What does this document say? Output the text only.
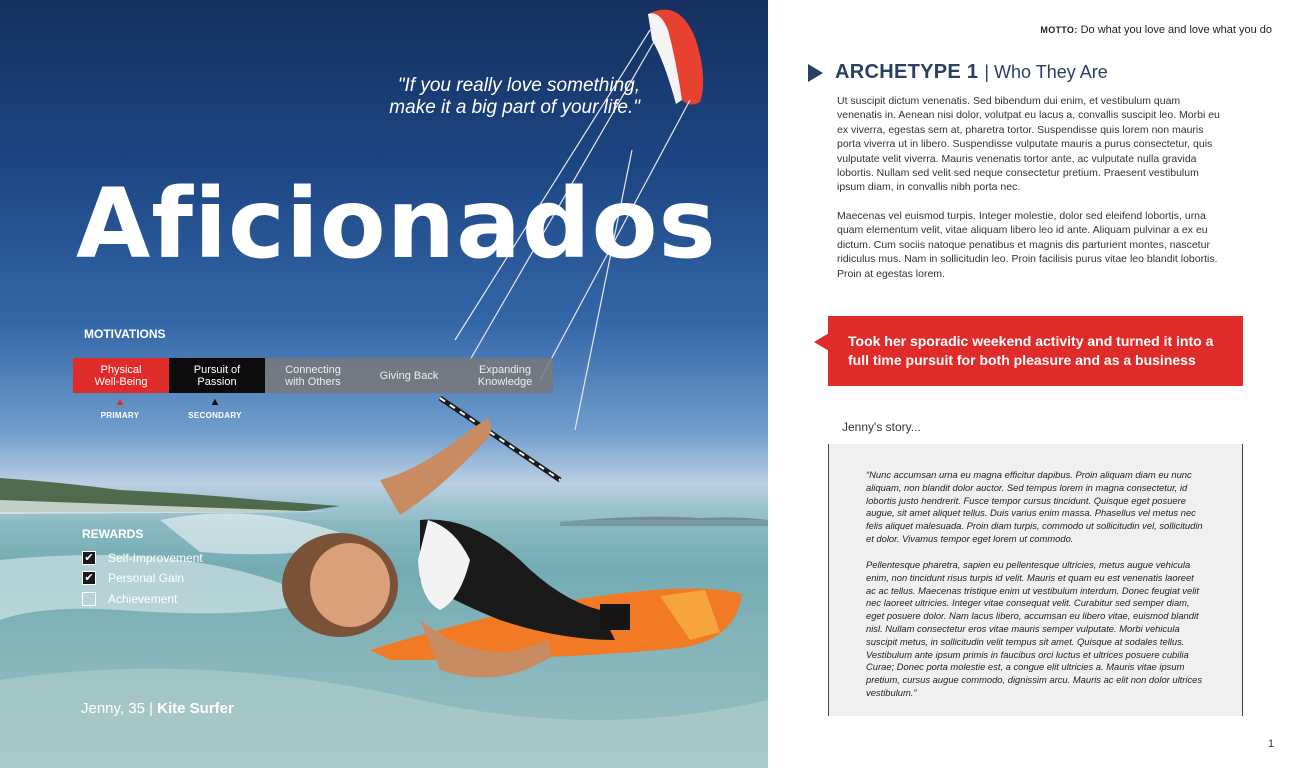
"If you really love something,
make it a big part of your life."
Aficionados
MOTIVATIONS
Physical
Well-Being
Pursuit of
Passion
Connecting
with Others	Giving Back	Expanding
Knowledge
▲
PRIMARY
▲
SECONDARY
REWARDS
✔ Self-Improvement
✔ Personal Gain
Achievement
Jenny, 35 | Kite Surfer
MOTTO: Do what you love and love what you do
ARCHETYPE 1 | Who They Are

Ut suscipit dictum venenatis. Sed bibendum dui enim, et vestibulum quam venenatis in. Aenean nisi dolor, volutpat eu lacus a, convallis suscipit leo. Morbi eu ex viverra, egestas sem at, pharetra tortor. Suspendisse quis lorem non mauris porta viverra ut in libero. Suspendisse vulputate mauris a purus consectetur, quis vulputate velit viverra. Mauris venenatis tortor ante, ac vulputate nulla gravida lobortis. Nullam sed velit sed neque consectetur pretium. Praesent vestibulum ipsum diam, in convallis nibh porta nec.

Maecenas vel euismod turpis. Integer molestie, dolor sed eleifend lobortis, urna quam elementum velit, vitae aliquam libero leo id ante. Aliquam pulvinar a ex eu dictum. Cum sociis natoque penatibus et magnis dis parturient montes, nascetur ridiculus mus. Nam in sollicitudin leo. Proin facilisis purus vitae leo blandit lobortis. Proin at egestas lorem.

Took her sporadic weekend activity and turned it into a full time pursuit for both pleasure and as a business
Jenny's story...

“Nunc accumsan urna eu magna efficitur dapibus. Proin aliquam diam eu nunc aliquam, non blandit dolor auctor. Sed tempus lorem in magna consectetur, id lobortis justo hendrerit. Fusce tempor cursus tincidunt. Quisque eget posuere augue, sit amet aliquet tellus. Duis varius enim massa. Phasellus vel metus nec felis aliquet malesuada. Proin diam turpis, commodo ut sollicitudin vel, sollicitudin et dolor. Vivamus tempor eget lorem ut commodo.

Pellentesque pharetra, sapien eu pellentesque ultricies, metus augue vehicula enim, non tincidunt risus turpis id velit. Mauris et quam eu est venenatis laoreet ac ac tellus. Maecenas tristique enim ut vestibulum interdum. Donec feugiat velit nec laoreet ultricies. Integer vitae consequat velit. Curabitur sed semper diam, eget posuere dolor. Nam lacus libero, accumsan eu libero vitae, euismod blandit nisl. Nullam consectetur eros vitae mauris semper vulputate. Morbi vehicula suscipit metus, in sollicitudin velit tempus sit amet. Quisque at sodales tellus. Vestibulum ante ipsum primis in faucibus orci luctus et ultrices posuere cubilia Curae; Donec porta molestie est, a congue elit ultricies a. Mauris vitae ipsum pretium, cursus augue commodo, dignissim arcu. Mauris ac elit non dolor ultrices vestibulum.”

1
